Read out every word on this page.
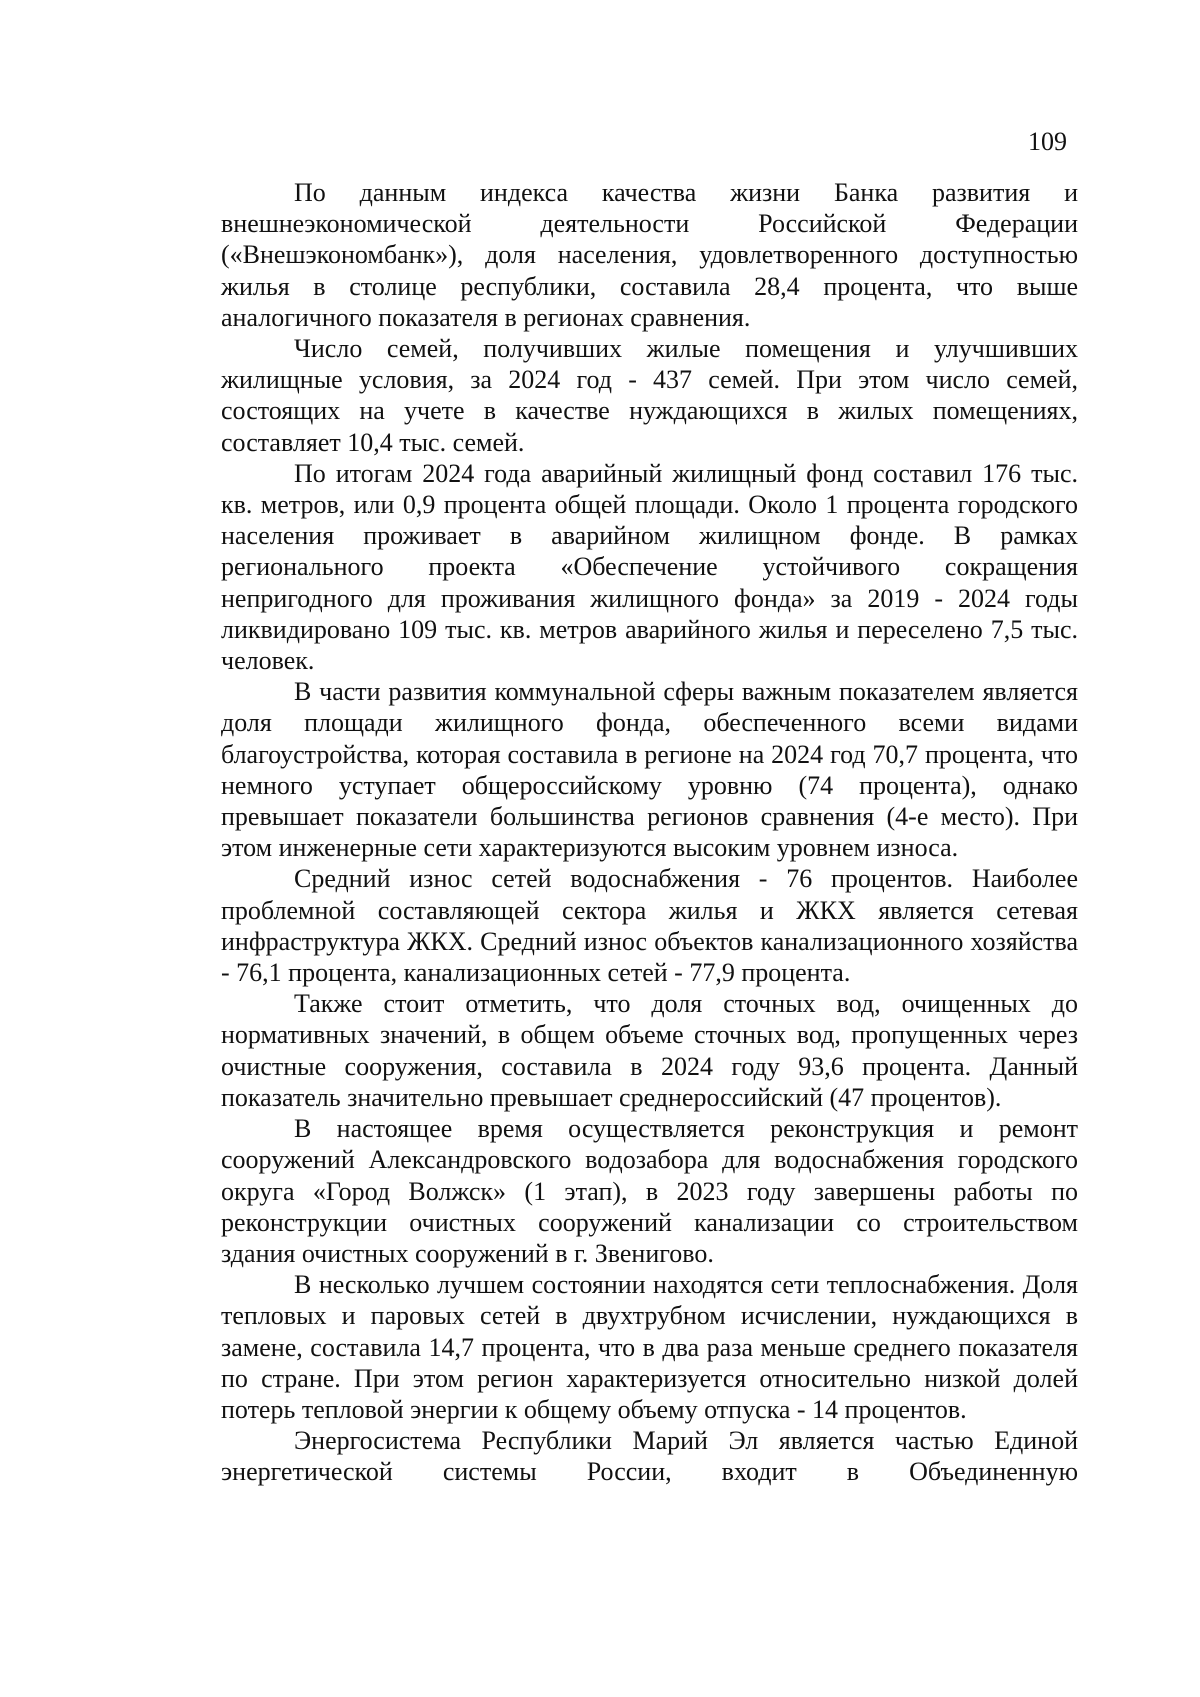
109

По данным индекса качества жизни Банка развития и внешнеэкономической деятельности Российской Федерации («Внешэкономбанк»), доля населения, удовлетворенного доступностью жилья в столице республики, составила 28,4 процента, что выше аналогичного показателя в регионах сравнения.

Число семей, получивших жилые помещения и улучшивших жилищные условия, за 2024 год - 437 семей. При этом число семей, состоящих на учете в качестве нуждающихся в жилых помещениях, составляет 10,4 тыс. семей.

По итогам 2024 года аварийный жилищный фонд составил 176 тыс. кв. метров, или 0,9 процента общей площади. Около 1 процента городского населения проживает в аварийном жилищном фонде. В рамках регионального проекта «Обеспечение устойчивого сокращения непригодного для проживания жилищного фонда» за 2019 - 2024 годы ликвидировано 109 тыс. кв. метров аварийного жилья и переселено 7,5 тыс. человек.

В части развития коммунальной сферы важным показателем является доля площади жилищного фонда, обеспеченного всеми видами благоустройства, которая составила в регионе на 2024 год 70,7 процента, что немного уступает общероссийскому уровню (74 процента), однако превышает показатели большинства регионов сравнения (4-е место). При этом инженерные сети характеризуются высоким уровнем износа.

Средний износ сетей водоснабжения - 76 процентов. Наиболее проблемной составляющей сектора жилья и ЖКХ является сетевая инфраструктура ЖКХ. Средний износ объектов канализационного хозяйства - 76,1 процента, канализационных сетей - 77,9 процента.

Также стоит отметить, что доля сточных вод, очищенных до нормативных значений, в общем объеме сточных вод, пропущенных через очистные сооружения, составила в 2024 году 93,6 процента. Данный показатель значительно превышает среднероссийский (47 процентов).

В настоящее время осуществляется реконструкция и ремонт сооружений Александровского водозабора для водоснабжения городского округа «Город Волжск» (1 этап), в 2023 году завершены работы по реконструкции очистных сооружений канализации со строительством здания очистных сооружений в г. Звенигово.

В несколько лучшем состоянии находятся сети теплоснабжения. Доля тепловых и паровых сетей в двухтрубном исчислении, нуждающихся в замене, составила 14,7 процента, что в два раза меньше среднего показателя по стране. При этом регион характеризуется относительно низкой долей потерь тепловой энергии к общему объему отпуска - 14 процентов.

Энергосистема Республики Марий Эл является частью Единой энергетической системы России, входит в Объединенную
